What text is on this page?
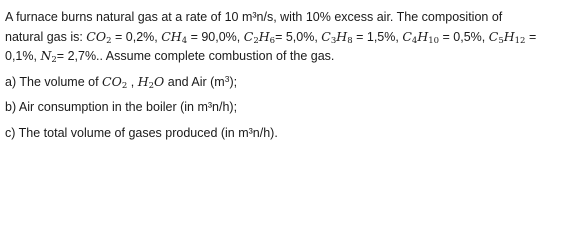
A furnace burns natural gas at a rate of 10 m³n/s, with 10% excess air. The composition of
natural gas is: $CO_2 = 0,2\%$, $CH_4 = 90,0\%$, $C_2H_6= 5,0\%$, $C_3H_8 = 1,5\%$, $C_4H_{10} = 0,5\%$, $C_5H_{12}$ =
0,1%, $N_2= 2,7\%$.. Assume complete combustion of the gas.
a) The volume of $CO_2$ , $H_2O$ and Air $(m^3)$;
b) Air consumption in the boiler (in m³n/h);
c) The total volume of gases produced (in m³n/h).
